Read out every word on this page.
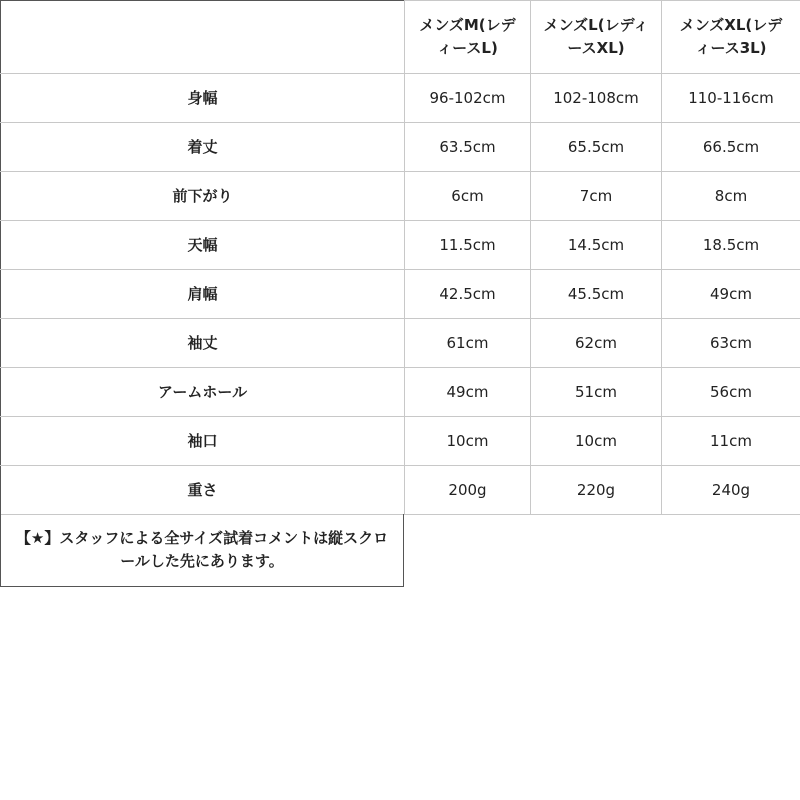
	メンズM(レディースL)	メンズL(レディースXL)	メンズXL(レディース3L)
身幅	96-102cm	102-108cm	110-116cm
着丈	63.5cm	65.5cm	66.5cm
前下がり	6cm	7cm	8cm
天幅	11.5cm	14.5cm	18.5cm
肩幅	42.5cm	45.5cm	49cm
袖丈	61cm	62cm	63cm
アームホール	49cm	51cm	56cm
袖口	10cm	10cm	11cm
重さ	200g	220g	240g
【★】スタッフによる全サイズ試着コメントは縦スクロールした先にあります。
